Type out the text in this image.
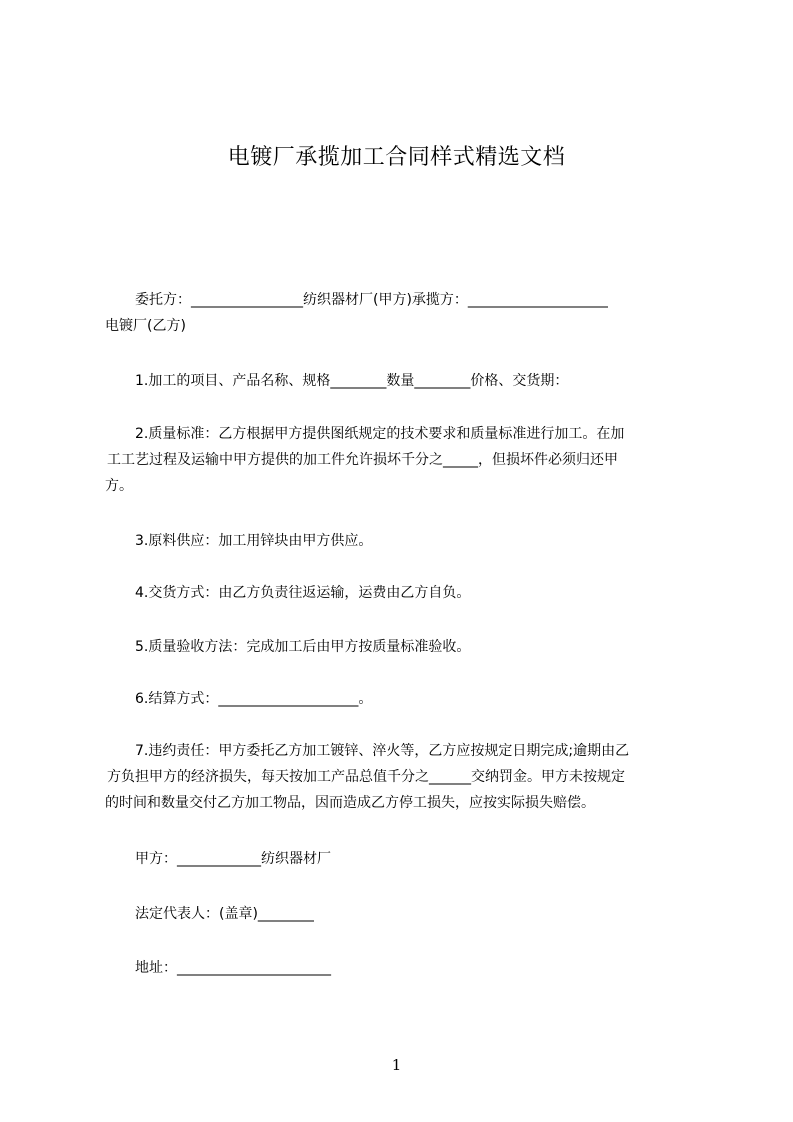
电镀厂承揽加工合同样式精选文档
委托方：________________纺织器材厂(甲方)承揽方：____________________
电镀厂(乙方)
1.加工的项目、产品名称、规格________数量________价格、交货期：
2.质量标准：乙方根据甲方提供图纸规定的技术要求和质量标准进行加工。在加
工工艺过程及运输中甲方提供的加工件允许损坏千分之_____，但损坏件必须归还甲
方。
3.原料供应：加工用锌块由甲方供应。
4.交货方式：由乙方负责往返运输，运费由乙方自负。
5.质量验收方法：完成加工后由甲方按质量标准验收。
6.结算方式：____________________。
7.违约责任：甲方委托乙方加工镀锌、淬火等，乙方应按规定日期完成;逾期由乙
方负担甲方的经济损失，每天按加工产品总值千分之______交纳罚金。甲方未按规定
的时间和数量交付乙方加工物品，因而造成乙方停工损失，应按实际损失赔偿。
甲方：____________纺织器材厂
法定代表人：(盖章)________
地址：______________________
1
